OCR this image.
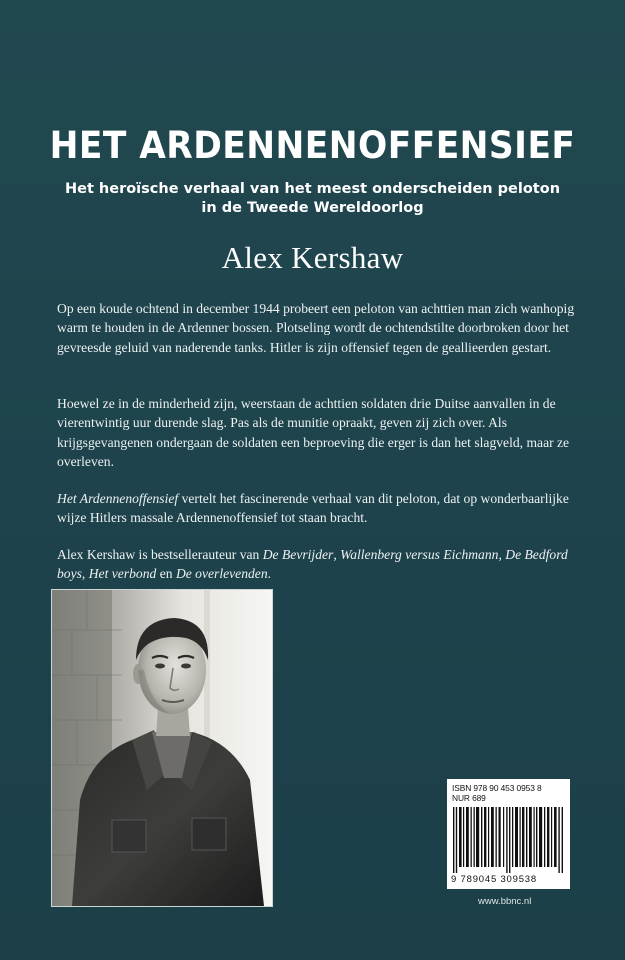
HET ARDENNENOFFENSIEF
Het heroïsche verhaal van het meest onderscheiden peloton
in de Tweede Wereldoorlog
Alex Kershaw

Op een koude ochtend in december 1944 probeert een peloton van achttien man zich wanhopig warm te houden in de Ardenner bossen. Plotseling wordt de ochtendstilte doorbroken door het gevreesde geluid van naderende tanks. Hitler is zijn offensief tegen de geallieerden gestart.

Hoewel ze in de minderheid zijn, weerstaan de achttien soldaten drie Duitse aanvallen in de vierentwintig uur durende slag. Pas als de munitie opraakt, geven zij zich over. Als krijgsgevangenen ondergaan de soldaten een beproeving die erger is dan het slagveld, maar ze overleven.

Het Ardennenoffensief vertelt het fascinerende verhaal van dit peloton, dat op wonderbaarlijke wijze Hitlers massale Ardennenoffensief tot staan bracht.

Alex Kershaw is bestsellerauteur van De Bevrijder, Wallenberg versus Eichmann, De Bedford boys, Het verbond en De overlevenden.

ISBN 978 90 453 0953 8
NUR 689
9 789045 309538
www.bbnc.nl
